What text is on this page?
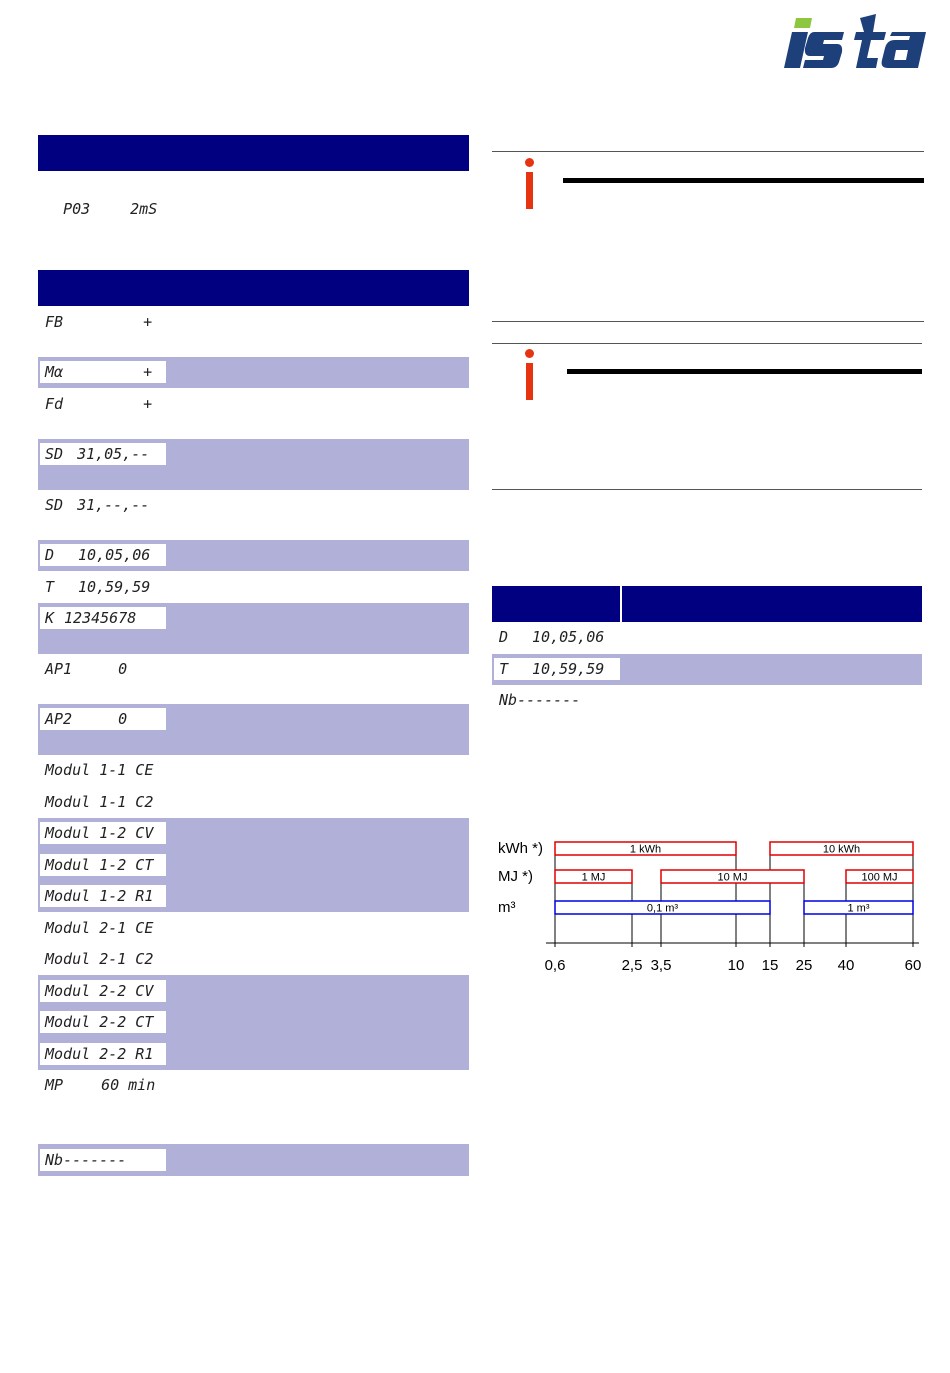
P03	2mS

FB	+
Mα	+
Fd	+
SD 31,05,--
SD 31,--,--
D 10,05,06
T 10,59,59
K 12345678
AP1	0
AP2	0
Modul 1-1 CE
Modul 1-1 C2
Modul 1-2 CV
Modul 1-2 CT
Modul 1-2 R1
Modul 2-1 CE
Modul 2-1 C2
Modul 2-2 CV
Modul 2-2 CT
Modul 2-2 R1
MP	60 min
Nb-------
D 10,05,06
T 10,59,59
Nb-------
0,6	2,5 3,5	10 15 25 40	60
kWh *)	1 kWh	10 kWh
MJ *)	1 MJ	10 MJ	100 MJ
m³	0,1 m³	1 m³
